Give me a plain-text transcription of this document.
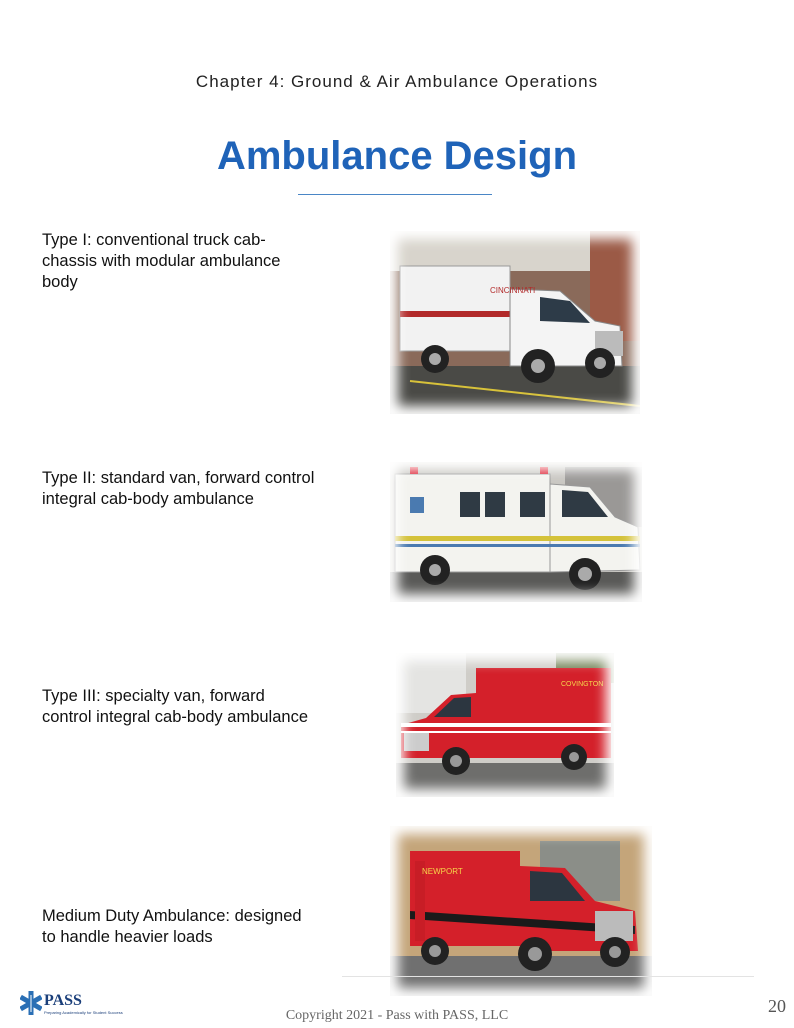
Chapter 4: Ground & Air Ambulance Operations
Ambulance Design
Type I: conventional truck cab-
chassis with modular ambulance
body	CINCINNATI
Type II: standard van, forward control
integral cab-body ambulance
Type III: specialty van, forward
control integral cab-body ambulance
COVINGTON
Medium Duty Ambulance: designed
to handle heavier loads
NEWPORT
PASS
Preparing Academically for Student Success	Copyright 2021 - Pass with PASS, LLC	20
